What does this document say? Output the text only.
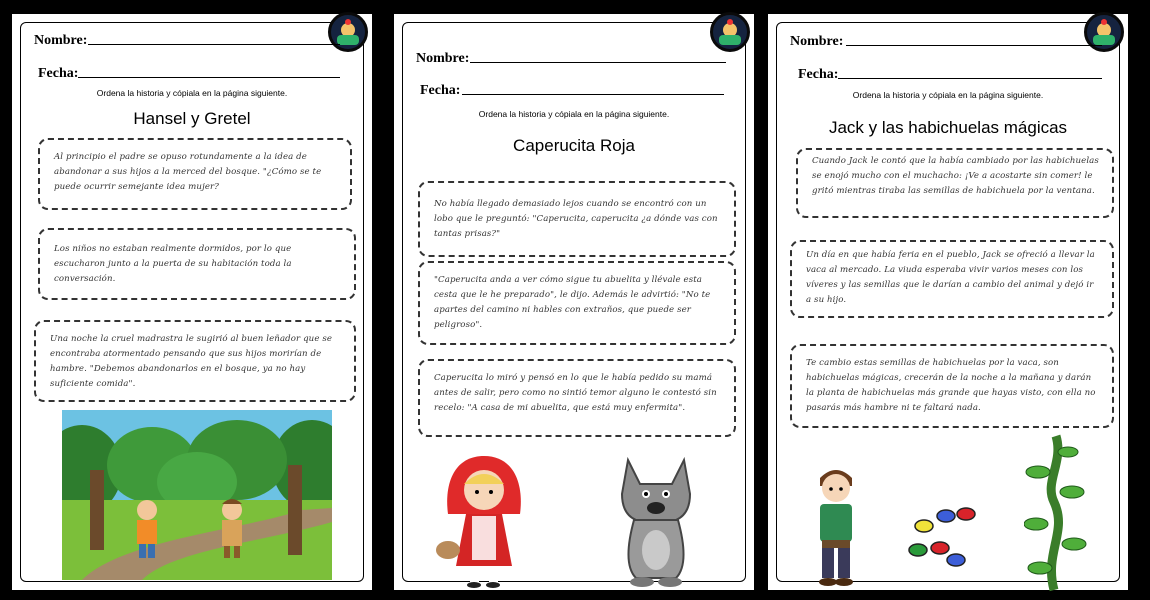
Nombre:
Fecha:
Ordena la historia y cópiala en la página siguiente.
Hansel y Gretel
Al principio el padre se opuso rotundamente a la idea de abandonar a sus hijos a la merced del bosque. "¿Cómo se te puede ocurrir semejante idea mujer?
Los niños no estaban realmente dormidos, por lo que escucharon junto a la puerta de su habitación toda la conversación.
Una noche la cruel madrastra le sugirió al buen leñador que se encontraba atormentado pensando que sus hijos morirían de hambre. "Debemos abandonarlos en el bosque, ya no hay suficiente comida".
Nombre:
Fecha:
Ordena la historia y cópiala en la página siguiente.
Caperucita Roja
No había llegado demasiado lejos cuando se encontró con un lobo que le preguntó: "Caperucita, caperucita ¿a dónde vas con tantas prisas?"
"Caperucita anda a ver cómo sigue tu abuelita y llévale esta cesta que le he preparado", le dijo. Además le advirtió: "No te apartes del camino ni hables con extraños, que puede ser peligroso".
Caperucita lo miró y pensó en lo que le había pedido su mamá antes de salir, pero como no sintió temor alguno le contestó sin recelo: "A casa de mi abuelita, que está muy enfermita".
Nombre:
Fecha:
Ordena la historia y cópiala en la página siguiente.
Jack y las habichuelas mágicas
Cuando Jack le contó que la había cambiado por las habichuelas se enojó mucho con el muchacho: ¡Ve a acostarte sin comer! le gritó mientras tiraba las semillas de habichuela por la ventana.
Un día en que había feria en el pueblo, Jack se ofreció a llevar la vaca al mercado. La viuda esperaba vivir varios meses con los víveres y las semillas que le darían a cambio del animal y dejó ir a su hijo.
Te cambio estas semillas de habichuelas por la vaca, son habichuelas mágicas, crecerán de la noche a la mañana y darán la planta de habichuelas más grande que hayas visto, con ella no pasarás más hambre ni te faltará nada.
